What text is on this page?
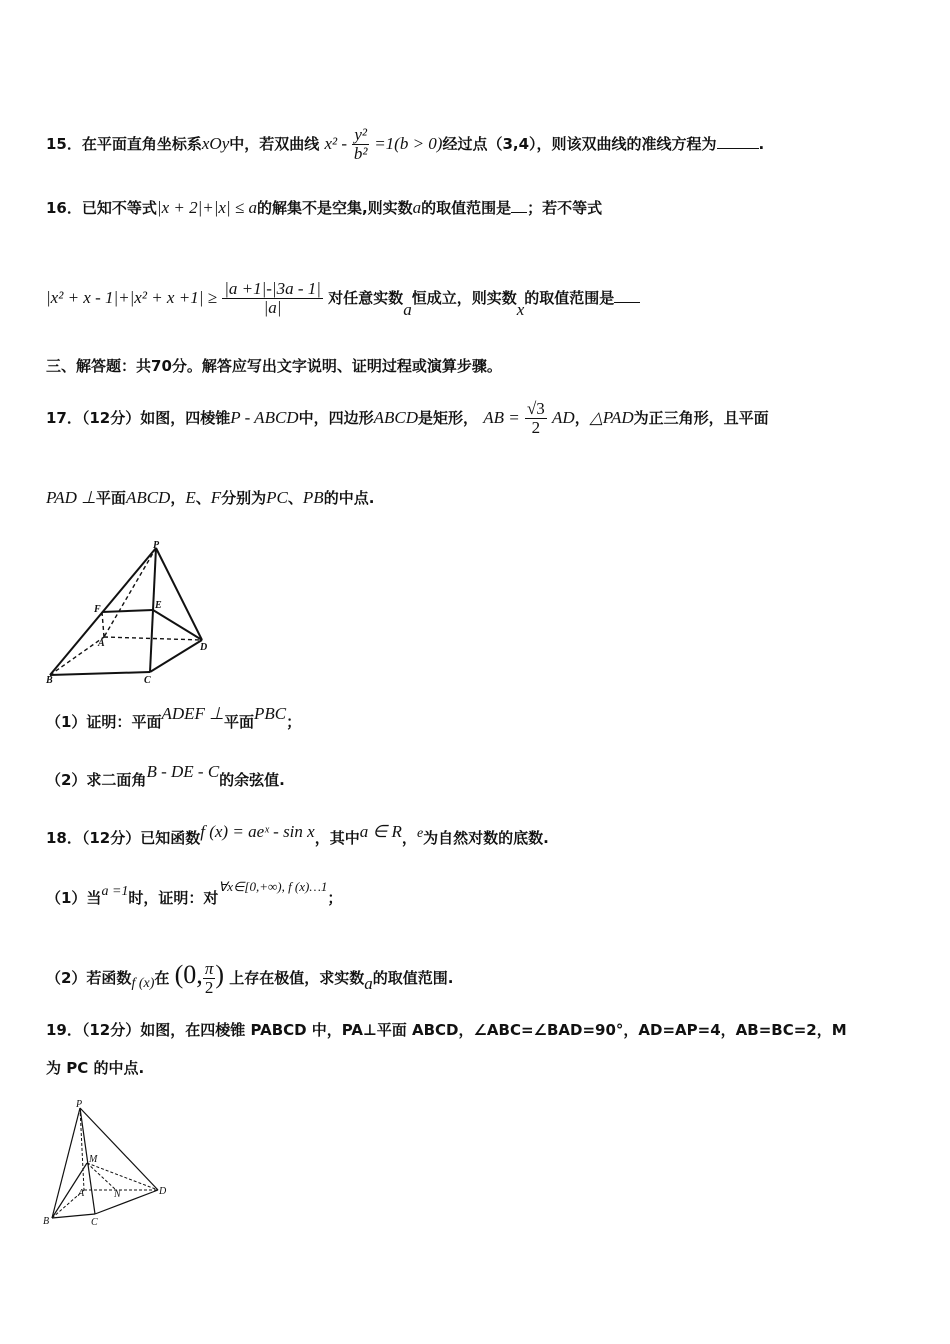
15．在平面直角坐标系xOy中，若双曲线 $x^2 - \frac{\text{y²}}{\text{b²}} =1(b > 0)$经过点（3,4），则该双曲线的准线方程为	.
16．已知不等式|x + 2|+|x| ≤ a的解集不是空集,则实数a的取值范围是 ；若不等式
$|x^2 + x - 1|+|x^2 + x +1| \ge \frac{|a +1|-|3a - 1|}{|a|}$ 对任意实数a恒成立，则实数x的取值范围是
三、解答题：共70分。解答应写出文字说明、证明过程或演算步骤。
17．（12分）如图，四棱锥P - ABCD中，四边形ABCD是矩形， AB = $\frac{√3}{2}$ AD，△PAD为正三角形，且平面
PAD ⊥平面ABCD，E、F分别为PC、PB的中点.
P
F	E
A	D
B	C
（1）证明：平面ADEF ⊥平面PBC；
（2）求二面角B - DE - C的余弦值.
18．（12分）已知函数f (x) = aeˣ - sin x，其中a ∈ R，e为自然对数的底数.
（1）当a =1时，证明：对∀x∈[0,+∞), f (x)…1；
（2）若函数f (x)在 (0, $\frac{\pi}{2}$ ) 上存在极值，求实数a的取值范围.
19．（12分）如图，在四棱锥 PABCD 中，PA⊥平面 ABCD，∠ABC=∠BAD=90°，AD=AP=4，AB=BC=2，M
为 PC 的中点.
P
M
A	N	D
B	C
